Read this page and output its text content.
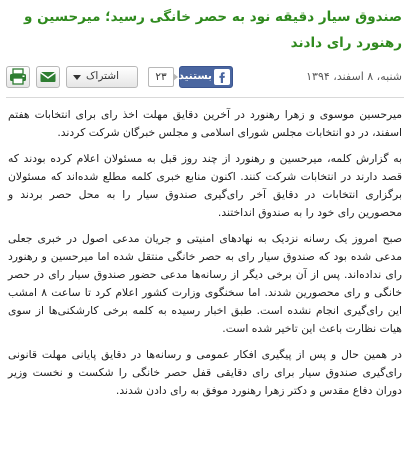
صندوق سیار دقیقه نود به حصر خانگی رسید؛ میرحسین و رهنورد رای دادند
شنبه، ۸ اسفند، ۱۳۹۴
اشتراک	۲۳	بستنید

میرحسین موسوی و زهرا رهنورد در آخرین دقایق مهلت اخذ رای برای انتخابات هفتم اسفند، در دو انتخابات مجلس شورای اسلامی و مجلس خبرگان شرکت کردند.

به گزارش کلمه، میرحسین و رهنورد از چند روز قبل به مسئولان اعلام کرده بودند که قصد دارند در انتخابات شرکت کنند. اکنون منابع خبری کلمه مطلع شده‌اند که مسئولان برگزاری انتخابات در دقایق آخر رای‌گیری صندوق سیار را به محل حصر بردند و محصورین رای خود را به صندوق انداختند.

صبح امروز یک رسانه نزدیک به نهادهای امنیتی و جریان مدعی اصول در خبری جعلی مدعی شده بود که صندوق سیار رای به حصر خانگی منتقل شده اما میرحسین و رهنورد رای نداده‌اند. پس از آن برخی دیگر از رسانه‌ها مدعی حضور صندوق سیار رای در حصر خانگی و رای محصورین شدند. اما سخنگوی وزارت کشور اعلام کرد تا ساعت ۸ امشب این رای‌گیری انجام نشده است. طبق اخبار رسیده به کلمه برخی کارشکنی‌ها از سوی هیات نظارت باعث این تاخیر شده است.

در همین حال و پس از پیگیری افکار عمومی و رسانه‌ها در دقایق پایانی مهلت قانونی رای‌گیری صندوق سیار برای رای دقایقی قفل حصر خانگی را شکست و نخست وزیر دوران دفاع مقدس و دکتر زهرا رهنورد موفق به رای دادن شدند.
